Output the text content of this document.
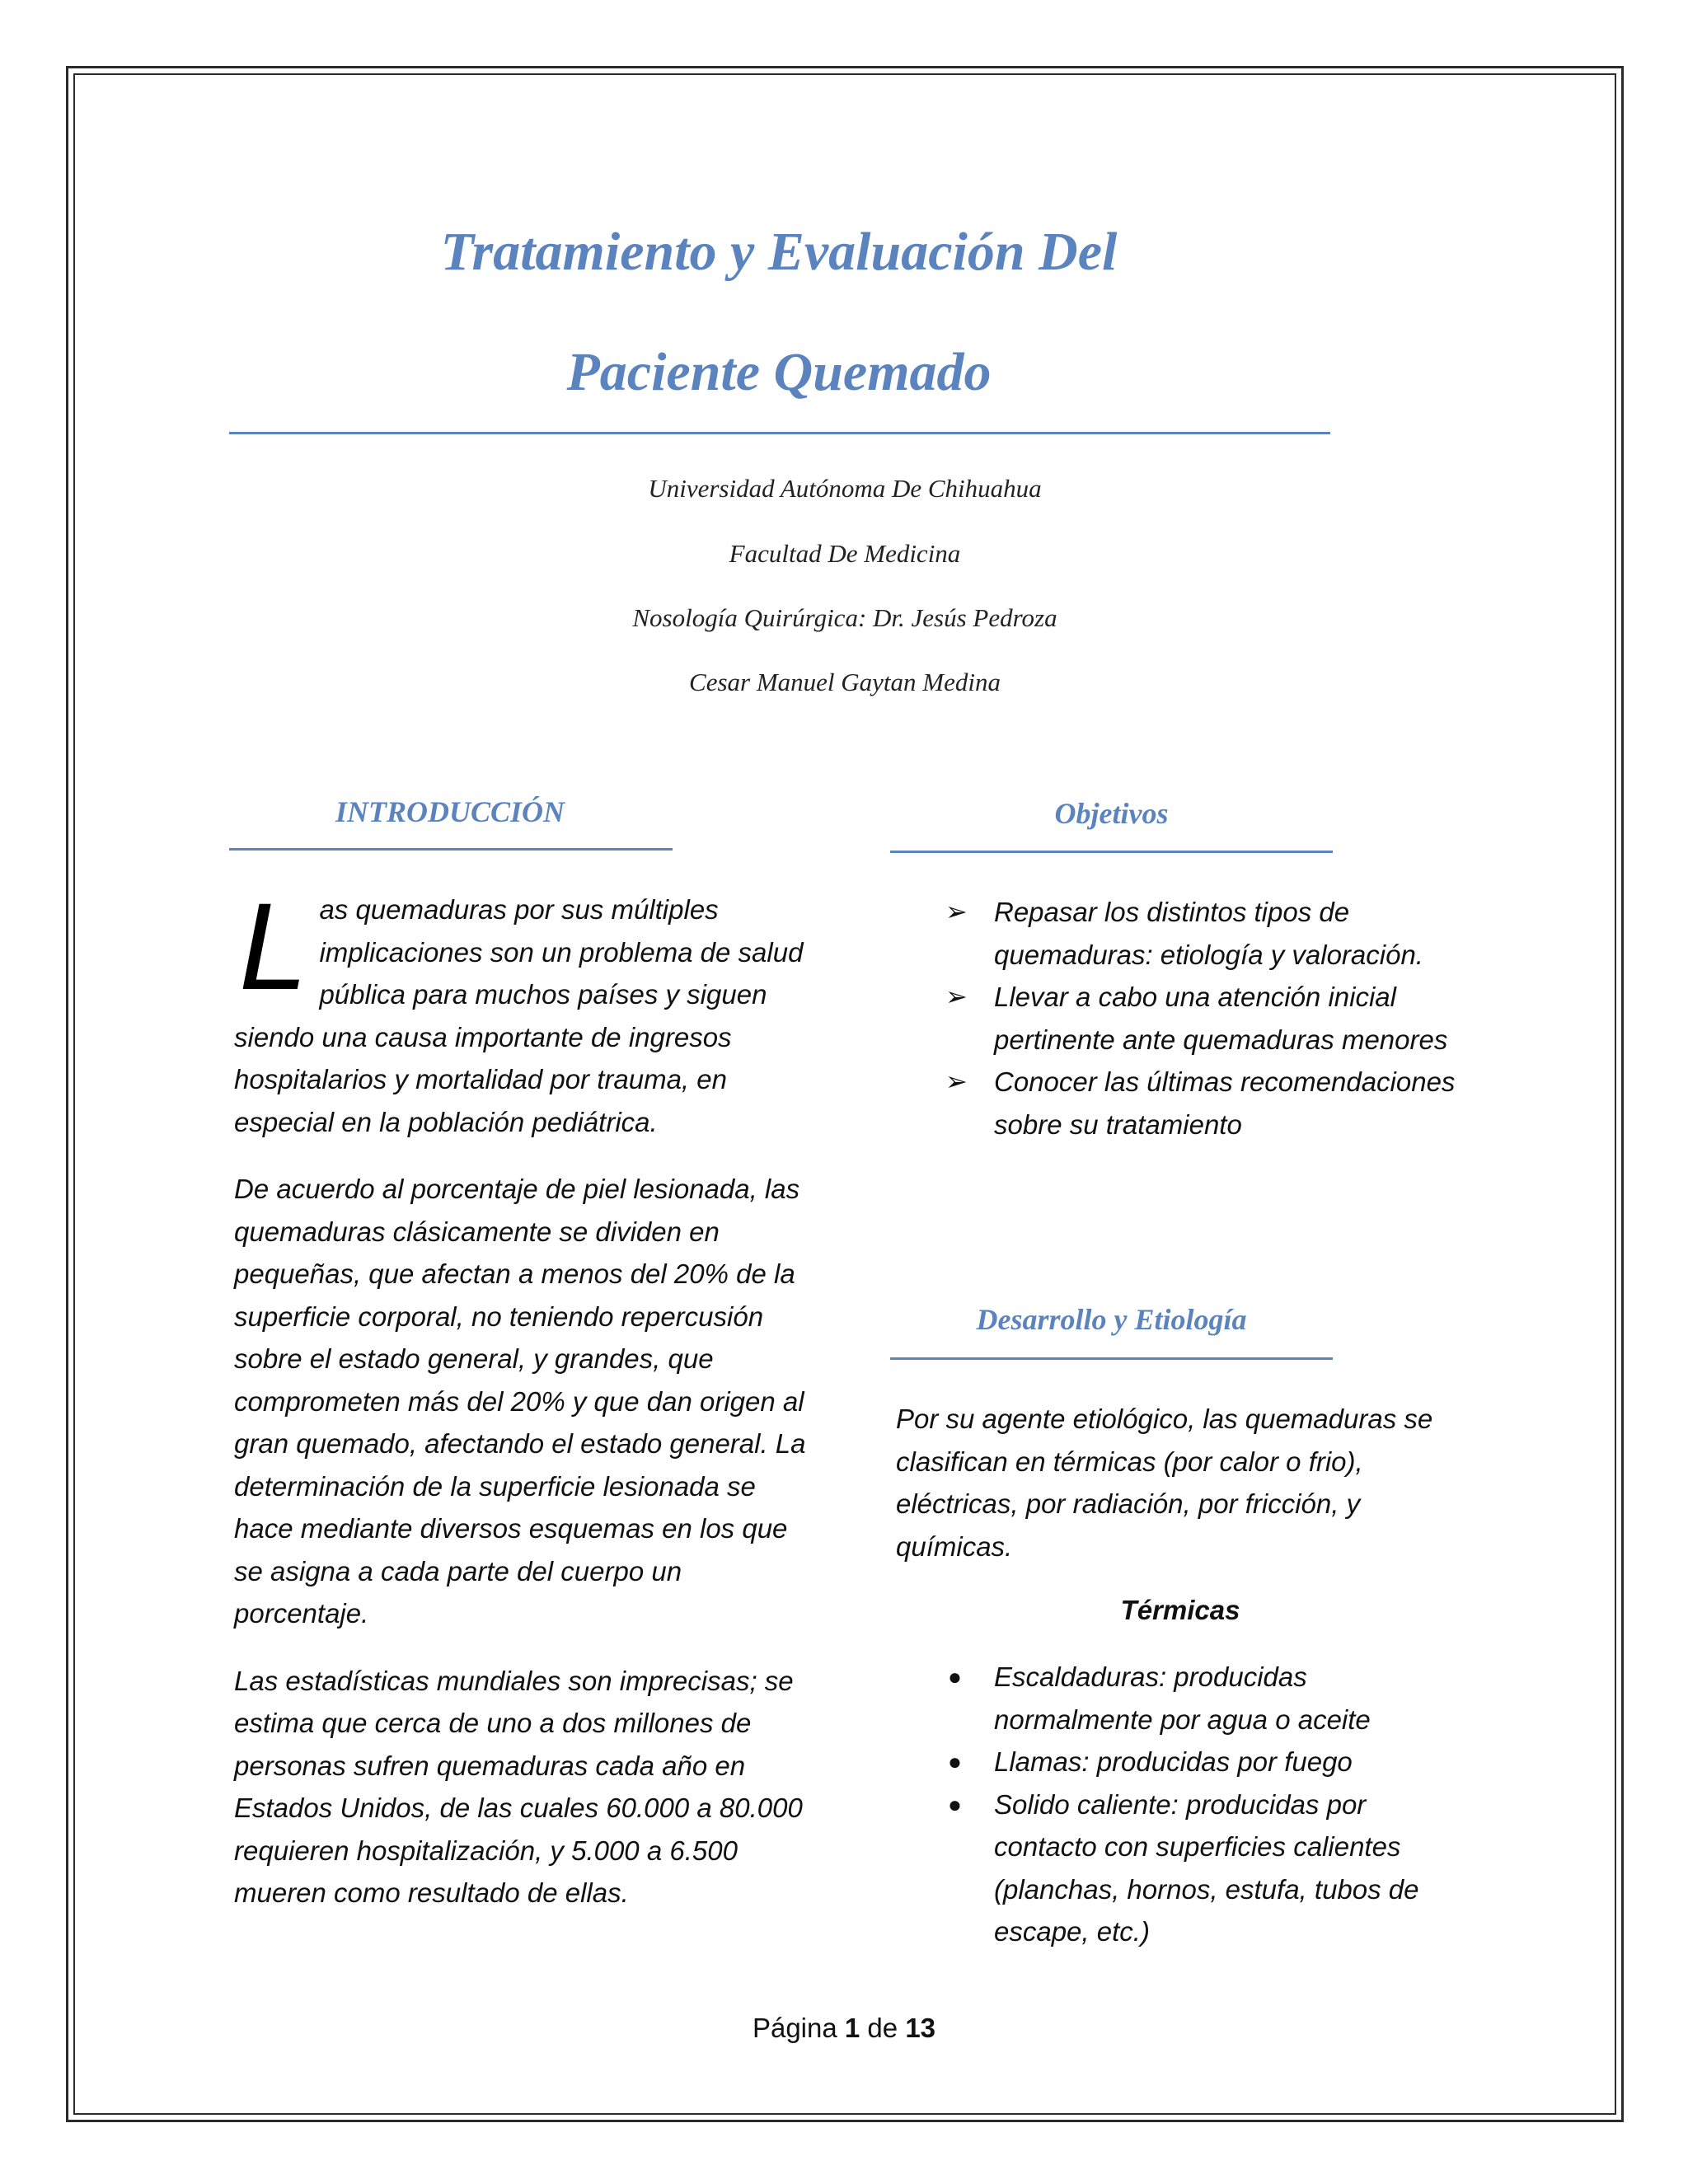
Tratamiento y Evaluación Del
Paciente Quemado
Universidad Autónoma De Chihuahua
Facultad De Medicina
Nosología Quirúrgica: Dr. Jesús Pedroza
Cesar Manuel Gaytan Medina
INTRODUCCIÓN

Las quemaduras por sus múltiples implicaciones son un problema de salud pública para muchos países y siguen siendo una causa importante de ingresos hospitalarios y mortalidad por trauma, en especial en la población pediátrica.

De acuerdo al porcentaje de piel lesionada, las quemaduras clásicamente se dividen en pequeñas, que afectan a menos del 20% de la superficie corporal, no teniendo repercusión sobre el estado general, y grandes, que comprometen más del 20% y que dan origen al gran quemado, afectando el estado general. La determinación de la superficie lesionada se hace mediante diversos esquemas en los que se asigna a cada parte del cuerpo un porcentaje.

Las estadísticas mundiales son imprecisas; se estima que cerca de uno a dos millones de personas sufren quemaduras cada año en Estados Unidos, de las cuales 60.000 a 80.000 requieren hospitalización, y 5.000 a 6.500 mueren como resultado de ellas.

Objetivos
➢ Repasar los distintos tipos de quemaduras: etiología y valoración.
➢ Llevar a cabo una atención inicial pertinente ante quemaduras menores
➢ Conocer las últimas recomendaciones sobre su tratamiento
Desarrollo y Etiología

Por su agente etiológico, las quemaduras se clasifican en térmicas (por calor o frio), eléctricas, por radiación, por fricción, y químicas.

Térmicas

● Escaldaduras: producidas normalmente por agua o aceite
● Llamas: producidas por fuego
● Solido caliente: producidas por contacto con superficies calientes (planchas, hornos, estufa, tubos de escape, etc.)
Página 1 de 13
